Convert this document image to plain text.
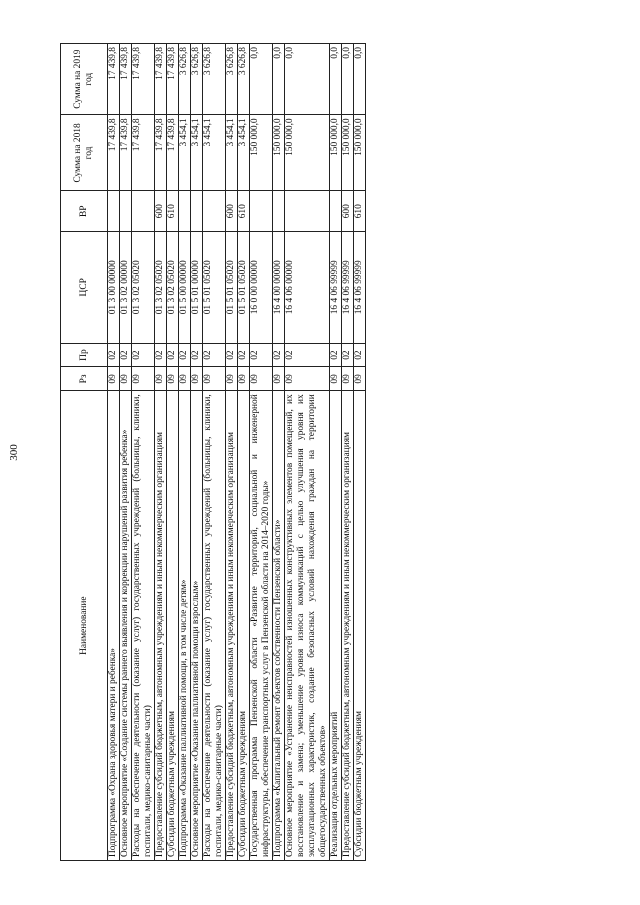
300
Наименование	Рз	Пр	ЦСР	ВР	Сумма на 2018 год	Сумма на 2019 год
Подпрограмма «Охрана здоровья матери и ребенка»	09	02	01 3 00 00000		17 439,8	17 439,8
Основное мероприятие «Создание системы раннего выявления и коррекции нарушений развития ребенка»	09	02	01 3 02 00000		17 439,8	17 439,8
Расходы на обеспечение деятельности (оказание услуг) государственных учреждений (больницы, клиники, госпитали, медико-санитарные части)	09	02	01 3 02 05020		17 439,8	17 439,8
Предоставление субсидий бюджетным, автономным учреждениям и иным некоммерческим организациям	09	02	01 3 02 05020	600	17 439,8	17 439,8
Субсидии бюджетным учреждениям	09	02	01 3 02 05020	610	17 439,8	17 439,8
Подпрограмма «Оказание паллиативной помощи, в том числе детям»	09	02	01 5 00 00000		3 454,1	3 626,8
Основное мероприятие «Оказание паллиативной помощи взрослым»	09	02	01 5 01 00000		3 454,1	3 626,8
Расходы на обеспечение деятельности (оказание услуг) государственных учреждений (больницы, клиники, госпитали, медико-санитарные части)	09	02	01 5 01 05020		3 454,1	3 626,8
Предоставление субсидий бюджетным, автономным учреждениям и иным некоммерческим организациям	09	02	01 5 01 05020	600	3 454,1	3 626,8
Субсидии бюджетным учреждениям	09	02	01 5 01 05020	610	3 454,1	3 626,8
Государственная программа Пензенской области «Развитие территорий, социальной и инженерной инфраструктуры, обеспечение транспортных услуг в Пензенской области на 2014–2020 годы»	09	02	16 0 00 00000		150 000,0	0,0
Подпрограмма «Капитальный ремонт объектов собственности Пензенской области»	09	02	16 4 00 00000		150 000,0	0,0
Основное мероприятие «Устранение неисправностей изношенных конструктивных элементов помещений, их восстановление и замена; уменьшение уровня износа коммуникаций с целью улучшения уровня их эксплуатационных характеристик, создание безопасных условий нахождения граждан на территории общегосударственных объектов»	09	02	16 4 06 00000		150 000,0	0,0
Реализация отдельных мероприятий	09	02	16 4 06 99999		150 000,0	0,0
Предоставление субсидий бюджетным, автономным учреждениям и иным некоммерческим организациям	09	02	16 4 06 99999	600	150 000,0	0,0
Субсидии бюджетным учреждениям	09	02	16 4 06 99999	610	150 000,0	0,0
